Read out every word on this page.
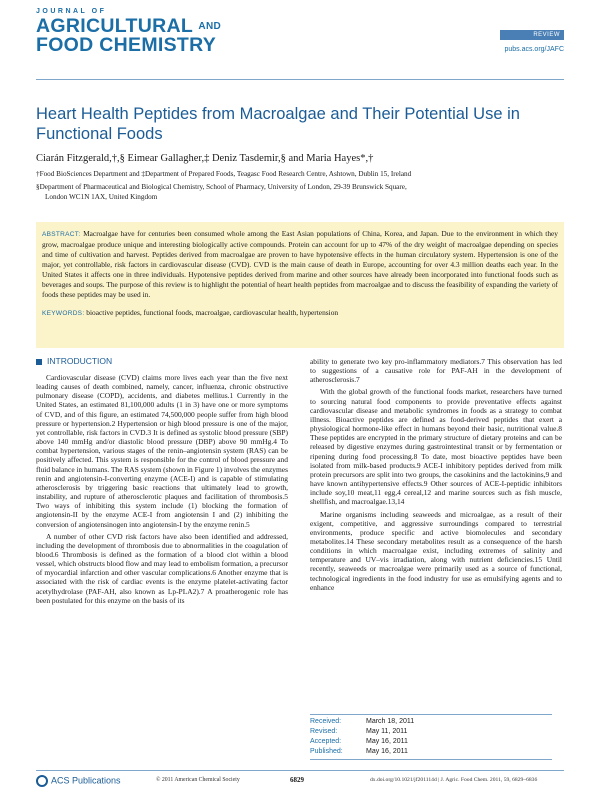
JOURNAL OF
AGRICULTURAL $^{AND}$
FOOD CHEMISTRY	REVIEW
pubs.acs.org/JAFC
Heart Health Peptides from Macroalgae and Their Potential Use in Functional Foods
Ciarán Fitzgerald,†,§ Eimear Gallagher,‡ Deniz Tasdemir,§ and Maria Hayes*,†
†Food BioSciences Department and ‡Department of Prepared Foods, Teagasc Food Research Centre, Ashtown, Dublin 15, Ireland
§Department of Pharmaceutical and Biological Chemistry, School of Pharmacy, University of London, 29-39 Brunswick Square,
London WC1N 1AX, United Kingdom
ABSTRACT: Macroalgae have for centuries been consumed whole among the East Asian populations of China, Korea, and Japan. Due to the environment in which they grow, macroalgae produce unique and interesting biologically active compounds. Protein can account for up to 47% of the dry weight of macroalgae depending on species and time of cultivation and harvest. Peptides derived from macroalgae are proven to have hypotensive effects in the human circulatory system. Hypertension is one of the major, yet controllable, risk factors in cardiovascular disease (CVD). CVD is the main cause of death in Europe, accounting for over 4.3 million deaths each year. In the United States it affects one in three individuals. Hypotensive peptides derived from marine and other sources have already been incorporated into functional foods such as beverages and soups. The purpose of this review is to highlight the potential of heart health peptides from macroalgae and to discuss the feasibility of expanding the variety of foods these peptides may be used in.
KEYWORDS: bioactive peptides, functional foods, macroalgae, cardiovascular health, hypertension
INTRODUCTION

Cardiovascular disease (CVD) claims more lives each year than the five next leading causes of death combined, namely, cancer, influenza, chronic obstructive pulmonary disease (COPD), accidents, and diabetes mellitus.1 Currently in the United States, an estimated 81,100,000 adults (1 in 3) have one or more symptoms of CVD, and of this figure, an estimated 74,500,000 people suffer from high blood pressure or hypertension.2 Hypertension or high blood pressure is one of the major, yet controllable, risk factors in CVD.3 It is defined as systolic blood pressure (SBP) above 140 mmHg and/or diastolic blood pressure (DBP) above 90 mmHg.4 To combat hypertension, various stages of the renin–angiotensin system (RAS) can be positively affected. This system is responsible for the control of blood pressure and fluid balance in humans. The RAS system (shown in Figure 1) involves the enzymes renin and angiotensin-I-converting enzyme (ACE-I) and is capable of stimulating atherosclerosis by triggering basic reactions that ultimately lead to growth, instability, and rupture of atherosclerotic plaques and facilitation of thrombosis.5 Two ways of inhibiting this system include (1) blocking the formation of angiotensin-II by the enzyme ACE-I from angiotensin I and (2) inhibiting the conversion of angiotensinogen into angiotensin-I by the enzyme renin.5

A number of other CVD risk factors have also been identified and addressed, including the development of thrombosis due to abnormalities in the coagulation of blood.6 Thrombosis is defined as the formation of a blood clot within a blood vessel, which obstructs blood flow and may lead to embolism formation, a precursor of myocardial infarction and other vascular complications.6 Another enzyme that is associated with the risk of cardiac events is the enzyme platelet-activating factor acetylhydrolase (PAF-AH, also known as Lp-PLA2).7 A proatherogenic role has been postulated for this enzyme on the basis of its

ability to generate two key pro-inflammatory mediators.7 This observation has led to suggestions of a causative role for PAF-AH in the development of atherosclerosis.7

With the global growth of the functional foods market, researchers have turned to sourcing natural food components to provide preventative effects against cardiovascular disease and metabolic syndromes in foods as a strategy to combat illness. Bioactive peptides are defined as food-derived peptides that exert a physiological hormone-like effect in humans beyond their basic, nutritional value.8 These peptides are encrypted in the primary structure of dietary proteins and can be released by digestive enzymes during gastrointestinal transit or by fermentation or ripening during food processing.8 To date, most bioactive peptides have been isolated from milk-based products.9 ACE-I inhibitory peptides derived from milk protein precursors are split into two groups, the casokinins and the lactokinins,9 and have known antihypertensive effects.9 Other sources of ACE-I-peptidic inhibitors include soy,10 meat,11 egg,4 cereal,12 and marine sources such as fish muscle, shellfish, and macroalgae.13,14

Marine organisms including seaweeds and microalgae, as a result of their exigent, competitive, and aggressive surroundings compared to terrestrial environments, produce specific and active biomolecules and secondary metabolites.14 These secondary metabolites result as a consequence of the harsh conditions in which macroalgae exist, including extremes of salinity and temperature and UV–vis irradiation, along with nutrient deficiencies.15 Until recently, seaweeds or macroalgae were primarily used as a source of functional, technological ingredients in the food industry for use as emulsifying agents and to enhance

Received:	March 18, 2011
Revised:	May 11, 2011
Accepted:	May 16, 2011
Published:	May 16, 2011
ACS Publications	© 2011 American Chemical Society	6829	dx.doi.org/10.1021/jf201114d | J. Agric. Food Chem. 2011, 59, 6829–6836
